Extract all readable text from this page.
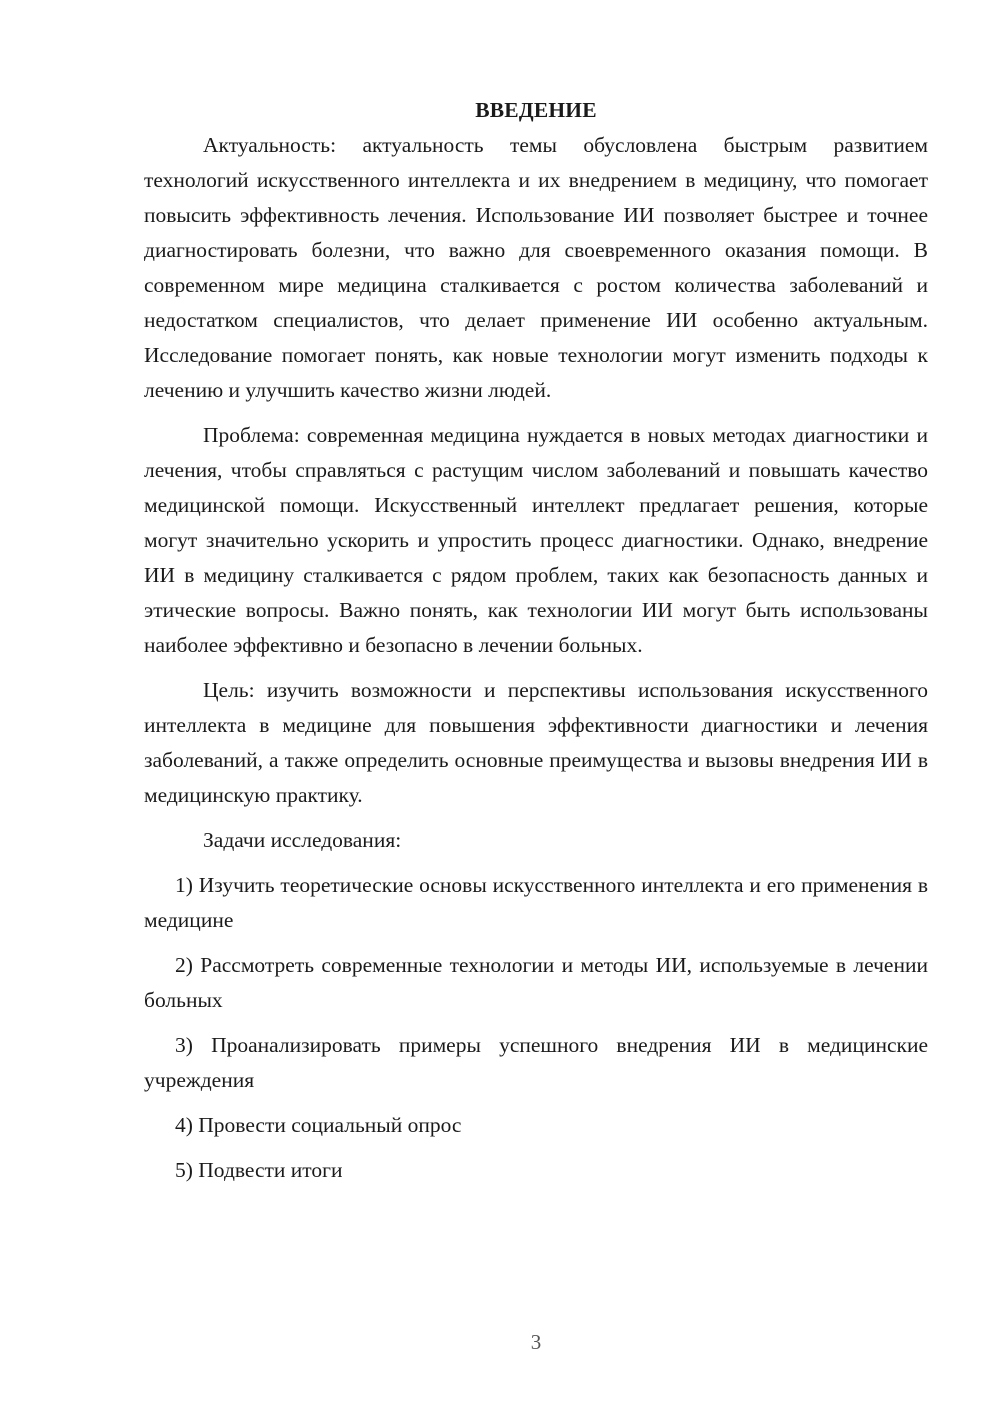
ВВЕДЕНИЕ

Актуальность: актуальность темы обусловлена быстрым развитием технологий искусственного интеллекта и их внедрением в медицину, что помогает повысить эффективность лечения. Использование ИИ позволяет быстрее и точнее диагностировать болезни, что важно для своевременного оказания помощи. В современном мире медицина сталкивается с ростом количества заболеваний и недостатком специалистов, что делает применение ИИ особенно актуальным. Исследование помогает понять, как новые технологии могут изменить подходы к лечению и улучшить качество жизни людей.

Проблема: современная медицина нуждается в новых методах диагностики и лечения, чтобы справляться с растущим числом заболеваний и повышать качество медицинской помощи. Искусственный интеллект предлагает решения, которые могут значительно ускорить и упростить процесс диагностики. Однако, внедрение ИИ в медицину сталкивается с рядом проблем, таких как безопасность данных и этические вопросы. Важно понять, как технологии ИИ могут быть использованы наиболее эффективно и безопасно в лечении больных.

Цель: изучить возможности и перспективы использования искусственного интеллекта в медицине для повышения эффективности диагностики и лечения заболеваний, а также определить основные преимущества и вызовы внедрения ИИ в медицинскую практику.

Задачи исследования:

1) Изучить теоретические основы искусственного интеллекта и его применения в медицине

2) Рассмотреть современные технологии и методы ИИ, используемые в лечении больных

3) Проанализировать примеры успешного внедрения ИИ в медицинские учреждения

4) Провести социальный опрос

5) Подвести итоги

3
